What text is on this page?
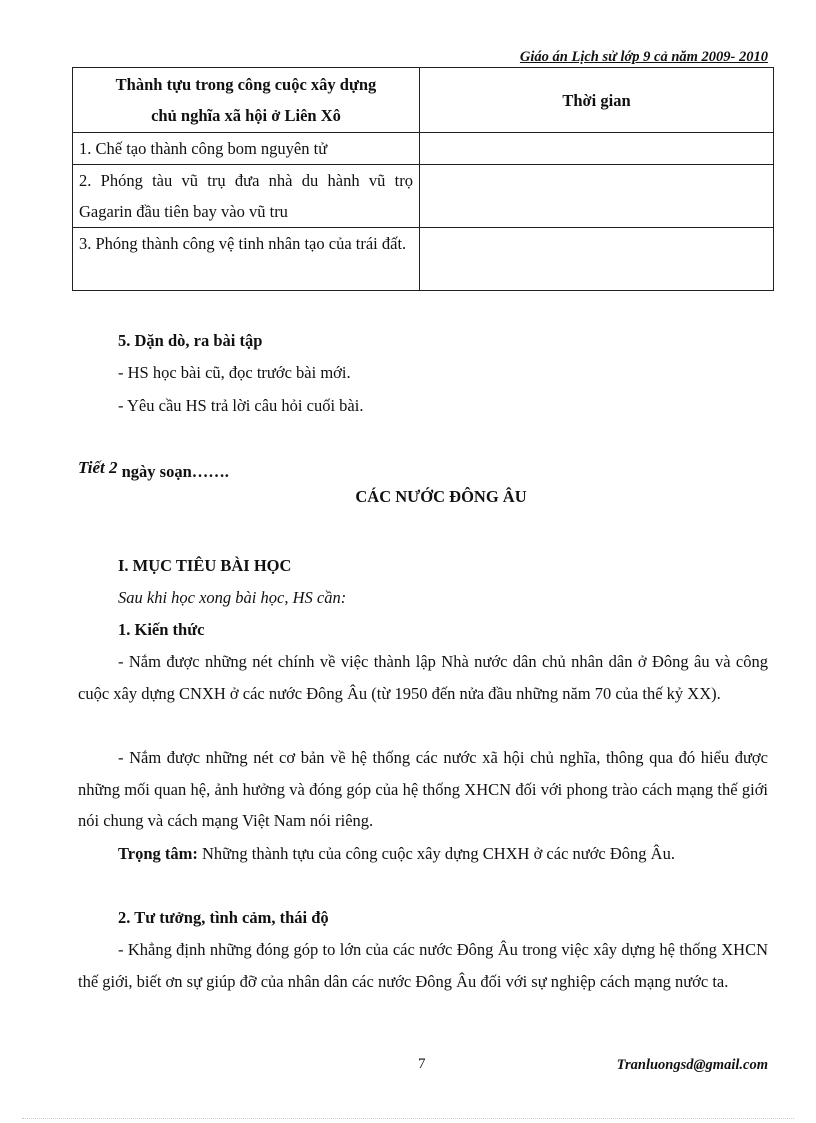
Giáo án Lịch sử lớp 9 cả năm 2009- 2010
Thành tựu trong công cuộc xây dựng
chủ nghĩa xã hội ở Liên Xô	Thời gian
1. Chế tạo thành công bom nguyên tử	
2. Phóng tàu vũ trụ đưa nhà du hành vũ trọ Gagarin đầu tiên bay vào vũ tru	
3. Phóng thành công vệ tinh nhân tạo của trái đất.	
5. Dặn dò, ra bài tập
- HS học bài cũ, đọc trước bài mới.
- Yêu cầu HS trả lời câu hỏi cuối bài.
Tiết 2 ngày soạn…….
CÁC NƯỚC ĐÔNG ÂU
I. MỤC TIÊU BÀI HỌC
Sau khi học xong bài học, HS cần:
1. Kiến thức
- Nắm được những nét chính về việc thành lập Nhà nước dân chủ nhân dân ở Đông âu và công cuộc xây dựng CNXH ở các nước Đông Âu (từ 1950 đến nửa đầu những năm 70 của thế kỷ XX).
- Nắm được những nét cơ bản về hệ thống các nước xã hội chủ nghĩa, thông qua đó hiểu được những mối quan hệ, ảnh hưởng và đóng góp của hệ thống XHCN đối với phong trào cách mạng thế giới nói chung và cách mạng Việt Nam nói riêng.
Trọng tâm: Những thành tựu của công cuộc xây dựng CHXH ở các nước Đông Âu.
2. Tư tưởng, tình cảm, thái độ
- Khẳng định những đóng góp to lớn của các nước Đông Âu trong việc xây dựng hệ thống XHCN thế giới, biết ơn sự giúp đỡ của nhân dân các nước Đông Âu đối với sự nghiệp cách mạng nước ta.
7	Tranluongsd@gmail.com
